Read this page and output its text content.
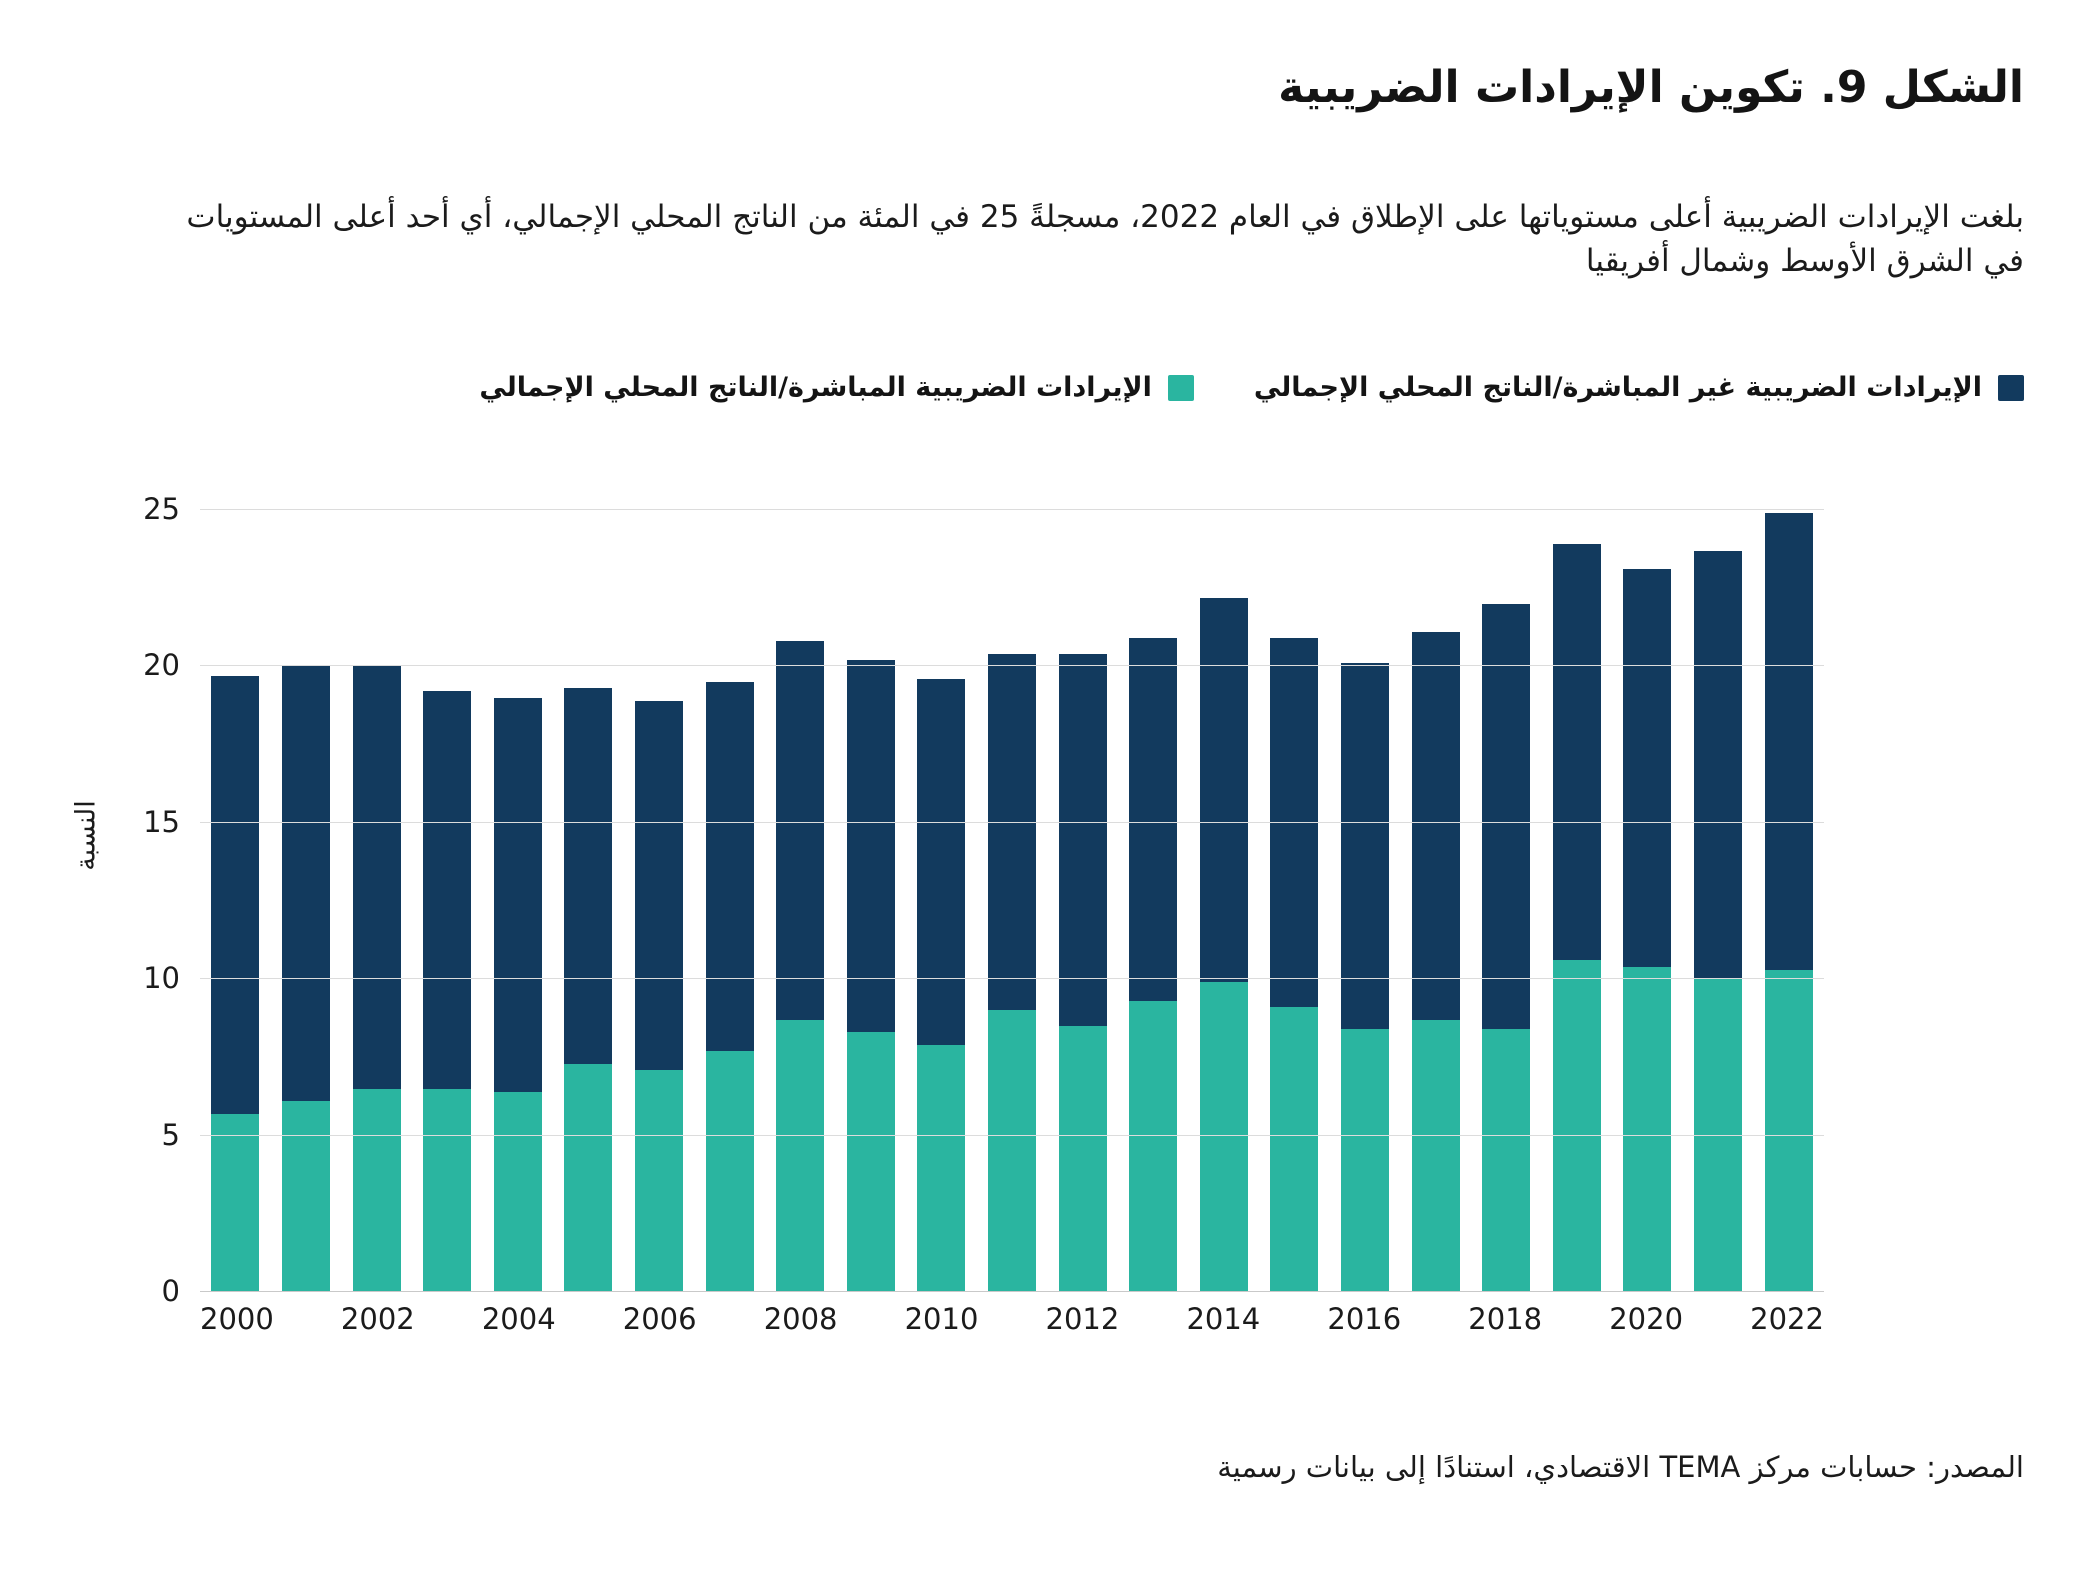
الشكل 9. تكوين الإيرادات الضريبية
بلغت الإيرادات الضريبية أعلى مستوياتها على الإطلاق في العام 2022، مسجلةً 25 في المئة من الناتج المحلي الإجمالي، أي أحد أعلى المستويات في الشرق الأوسط وشمال أفريقيا
الإيرادات الضريبية غير المباشرة/الناتج المحلي الإجمالي
الإيرادات الضريبية المباشرة/الناتج المحلي الإجمالي
النسبة
0
5
10
15
20
25
2000 2002 2004 2006 2008 2010 2012 2014 2016 2018 2020 2022
المصدر: حسابات مركز TEMA الاقتصادي، استنادًا إلى بيانات رسمية
